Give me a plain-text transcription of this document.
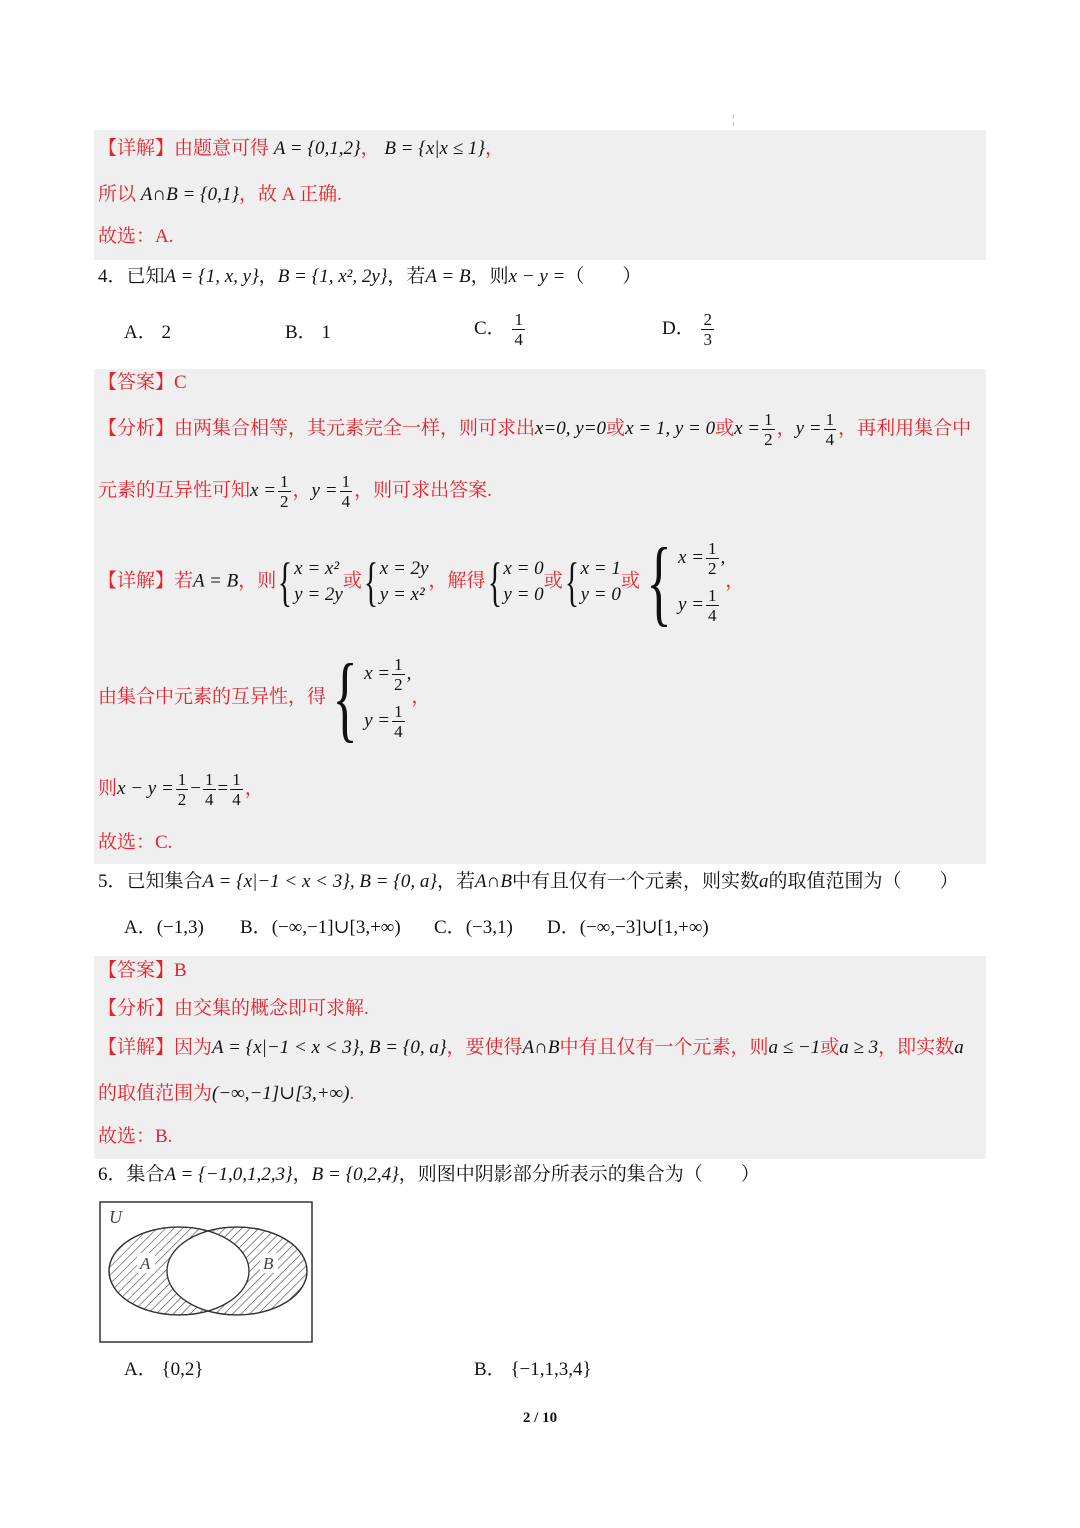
¦
【详解】由题意可得 A = {0,1,2}， B = {x|x ≤ 1}，
所以 A∩B = {0,1}，故 A 正确.
故选：A.
4．已知A = {1, x, y}，B = {1, x², 2y}，若A = B，则x − y =（　　）
A． 2	B． 1	C． $\frac{1}{4}$	D． $\frac{2}{3}$
【答案】C
【分析】由两集合相等，其元素完全一样，则可求出x=0, y=0或x = 1, y = 0或$x = \frac{1}{2}$ ，$y = \frac{1}{4}$ ，再利用集合中
元素的互异性可知$x = \frac{1}{2}$ ，$y = \frac{1}{4}$ ，则可求出答案.
【详解】若A = B，则 { x = x²
y = 2y
或 { x = 2y
y = x²
，解得 { x = 0
y = 0
或 { x = 1
y = 0
或 { $x = \frac{1}{2}$ ,
$y = \frac{1}{4}$
，
由集合中元素的互异性，得 { $x = \frac{1}{2}$ ,
$y = \frac{1}{4}$
，
则$x - y = \frac{1}{2} - \frac{1}{4} = \frac{1}{4}$ ，
故选：C.
5．已知集合A = {x|−1 < x < 3}, B = {0, a}，若A∩B中有且仅有一个元素，则实数a的取值范围为（　　）
A．(−1,3) B．(−∞,−1]∪[3,+∞) C．(−3,1) D．(−∞,−3]∪[1,+∞)
【答案】B
【分析】由交集的概念即可求解.
【详解】因为A = {x|−1 < x < 3}, B = {0, a}，要使得A∩B中有且仅有一个元素，则a ≤ −1或a ≥ 3，即实数a
的取值范围为(−∞,−1]∪[3,+∞).
故选：B.
6．集合A = {−1,0,1,2,3}，B = {0,2,4}，则图中阴影部分所表示的集合为（　　）
U
A	B
A． {0,2}	B． {−1,1,3,4}
2 / 10
